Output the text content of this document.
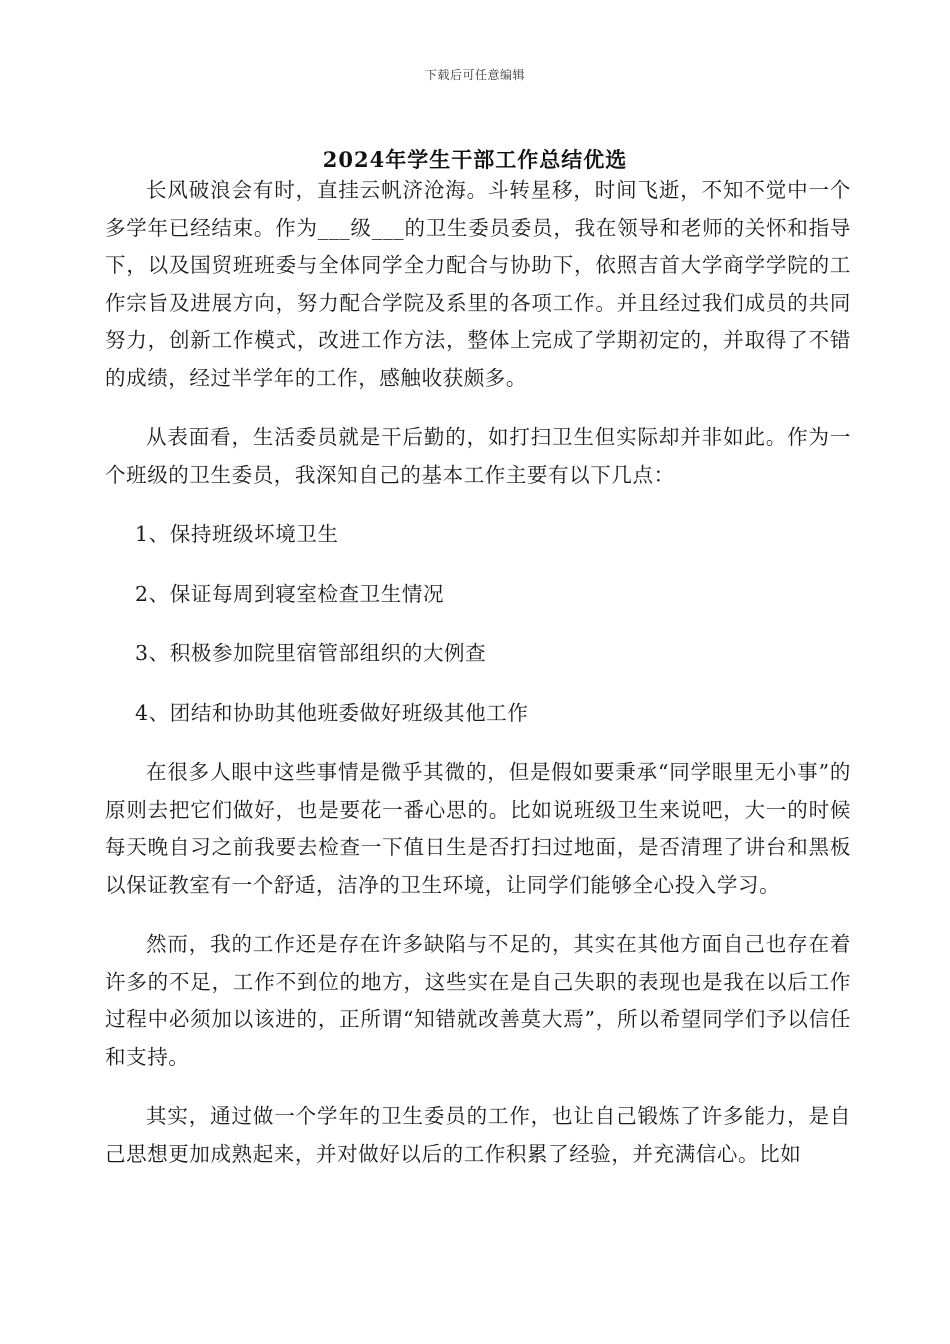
下载后可任意编辑
2024年学生干部工作总结优选

长风破浪会有时，直挂云帆济沧海。斗转星移，时间飞逝，不知不觉中一个多学年已经结束。作为___级___的卫生委员委员，我在领导和老师的关怀和指导下，以及国贸班班委与全体同学全力配合与协助下，依照吉首大学商学学院的工作宗旨及进展方向，努力配合学院及系里的各项工作。并且经过我们成员的共同努力，创新工作模式，改进工作方法，整体上完成了学期初定的，并取得了不错的成绩，经过半学年的工作，感触收获颇多。

从表面看，生活委员就是干后勤的，如打扫卫生但实际却并非如此。作为一个班级的卫生委员，我深知自己的基本工作主要有以下几点：

1、保持班级坏境卫生
2、保证每周到寝室检查卫生情况
3、积极参加院里宿管部组织的大例查
4、团结和协助其他班委做好班级其他工作

在很多人眼中这些事情是微乎其微的，但是假如要秉承“同学眼里无小事”的原则去把它们做好，也是要花一番心思的。比如说班级卫生来说吧，大一的时候每天晚自习之前我要去检查一下值日生是否打扫过地面，是否清理了讲台和黑板以保证教室有一个舒适，洁净的卫生环境，让同学们能够全心投入学习。

然而，我的工作还是存在许多缺陷与不足的，其实在其他方面自己也存在着许多的不足，工作不到位的地方，这些实在是自己失职的表现也是我在以后工作过程中必须加以该进的，正所谓“知错就改善莫大焉”，所以希望同学们予以信任和支持。

其实，通过做一个学年的卫生委员的工作，也让自己锻炼了许多能力，是自己思想更加成熟起来，并对做好以后的工作积累了经验，并充满信心。比如
